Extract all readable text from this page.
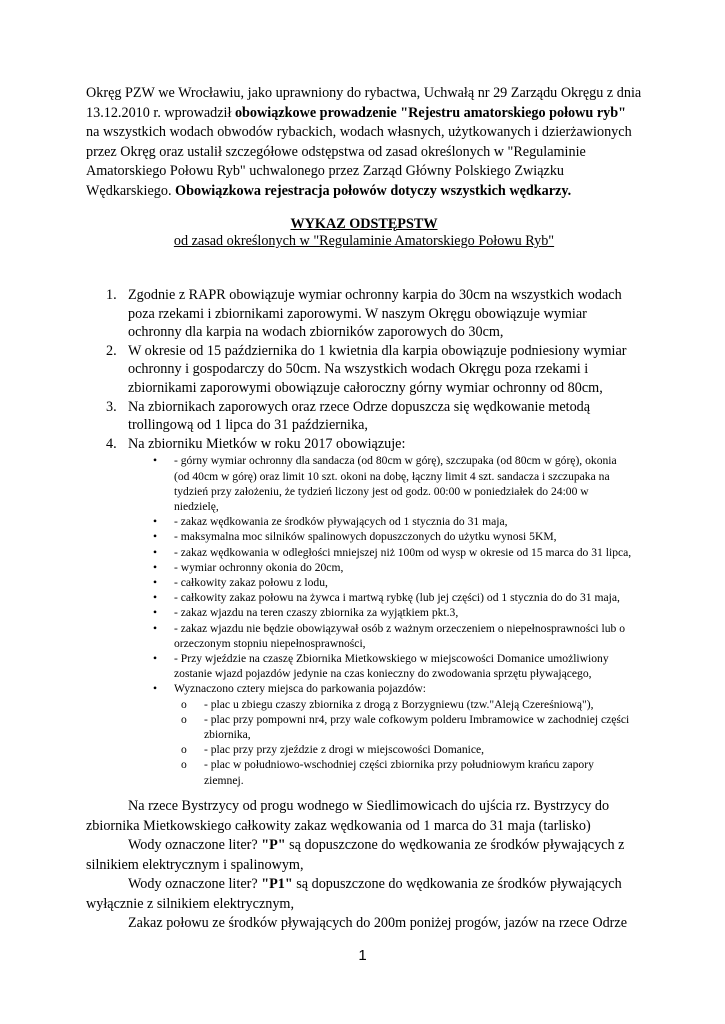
Okręg PZW we Wrocławiu, jako uprawniony do rybactwa, Uchwałą nr 29 Zarządu Okręgu z dnia 13.12.2010 r. wprowadził obowiązkowe prowadzenie "Rejestru amatorskiego połowu ryb" na wszystkich wodach obwodów rybackich, wodach własnych, użytkowanych i dzierżawionych przez Okręg oraz ustalił szczegółowe odstępstwa od zasad określonych w "Regulaminie Amatorskiego Połowu Ryb" uchwalonego przez Zarząd Główny Polskiego Związku Wędkarskiego. Obowiązkowa rejestracja połowów dotyczy wszystkich wędkarzy.

WYKAZ ODSTĘPSTW
od zasad określonych w "Regulaminie Amatorskiego Połowu Ryb"
1. Zgodnie z RAPR obowiązuje wymiar ochronny karpia do 30cm na wszystkich wodach poza rzekami i zbiornikami zaporowymi. W naszym Okręgu obowiązuje wymiar ochronny dla karpia na wodach zbiorników zaporowych do 30cm,
2. W okresie od 15 października do 1 kwietnia dla karpia obowiązuje podniesiony wymiar ochronny i gospodarczy do 50cm. Na wszystkich wodach Okręgu poza rzekami i zbiornikami zaporowymi obowiązuje całoroczny górny wymiar ochronny od 80cm,
3. Na zbiornikach zaporowych oraz rzece Odrze dopuszcza się wędkowanie metodą trollingową od 1 lipca do 31 października,
4. Na zbiorniku Mietków w roku 2017 obowiązuje:
• - górny wymiar ochronny dla sandacza (od 80cm w górę), szczupaka (od 80cm w górę), okonia (od 40cm w górę) oraz limit 10 szt. okoni na dobę, łączny limit 4 szt. sandacza i szczupaka na tydzień przy założeniu, że tydzień liczony jest od godz. 00:00 w poniedziałek do 24:00 w niedzielę,
• - zakaz wędkowania ze środków pływających od 1 stycznia do 31 maja,
• - maksymalna moc silników spalinowych dopuszczonych do użytku wynosi 5KM,
• - zakaz wędkowania w odległości mniejszej niż 100m od wysp w okresie od 15 marca do 31 lipca,
• - wymiar ochronny okonia do 20cm,
• - całkowity zakaz połowu z lodu,
• - całkowity zakaz połowu na żywca i martwą rybkę (lub jej części) od 1 stycznia do do 31 maja,
• - zakaz wjazdu na teren czaszy zbiornika za wyjątkiem pkt.3,
• - zakaz wjazdu nie będzie obowiązywał osób z ważnym orzeczeniem o niepełnosprawności lub o orzeczonym stopniu niepełnosprawności,
• - Przy wjeździe na czaszę Zbiornika Mietkowskiego w miejscowości Domanice umożliwiony zostanie wjazd pojazdów jedynie na czas konieczny do zwodowania sprzętu pływającego,
• Wyznaczono cztery miejsca do parkowania pojazdów:
o - plac u zbiegu czaszy zbiornika z drogą z Borzygniewu (tzw."Aleją Czereśniową"),
o - plac przy pompowni nr4, przy wale cofkowym polderu Imbramowice w zachodniej części zbiornika,
o - plac przy przy zjeździe z drogi w miejscowości Domanice,
o - plac w południowo-wschodniej części zbiornika przy południowym krańcu zapory ziemnej.

Na rzece Bystrzycy od progu wodnego w Siedlimowicach do ujścia rz. Bystrzycy do zbiornika Mietkowskiego całkowity zakaz wędkowania od 1 marca do 31 maja (tarlisko)

Wody oznaczone liter? "P" są dopuszczone do wędkowania ze środków pływających z silnikiem elektrycznym i spalinowym,

Wody oznaczone liter? "P1" są dopuszczone do wędkowania ze środków pływających wyłącznie z silnikiem elektrycznym,

Zakaz połowu ze środków pływających do 200m poniżej progów, jazów na rzece Odrze

1
